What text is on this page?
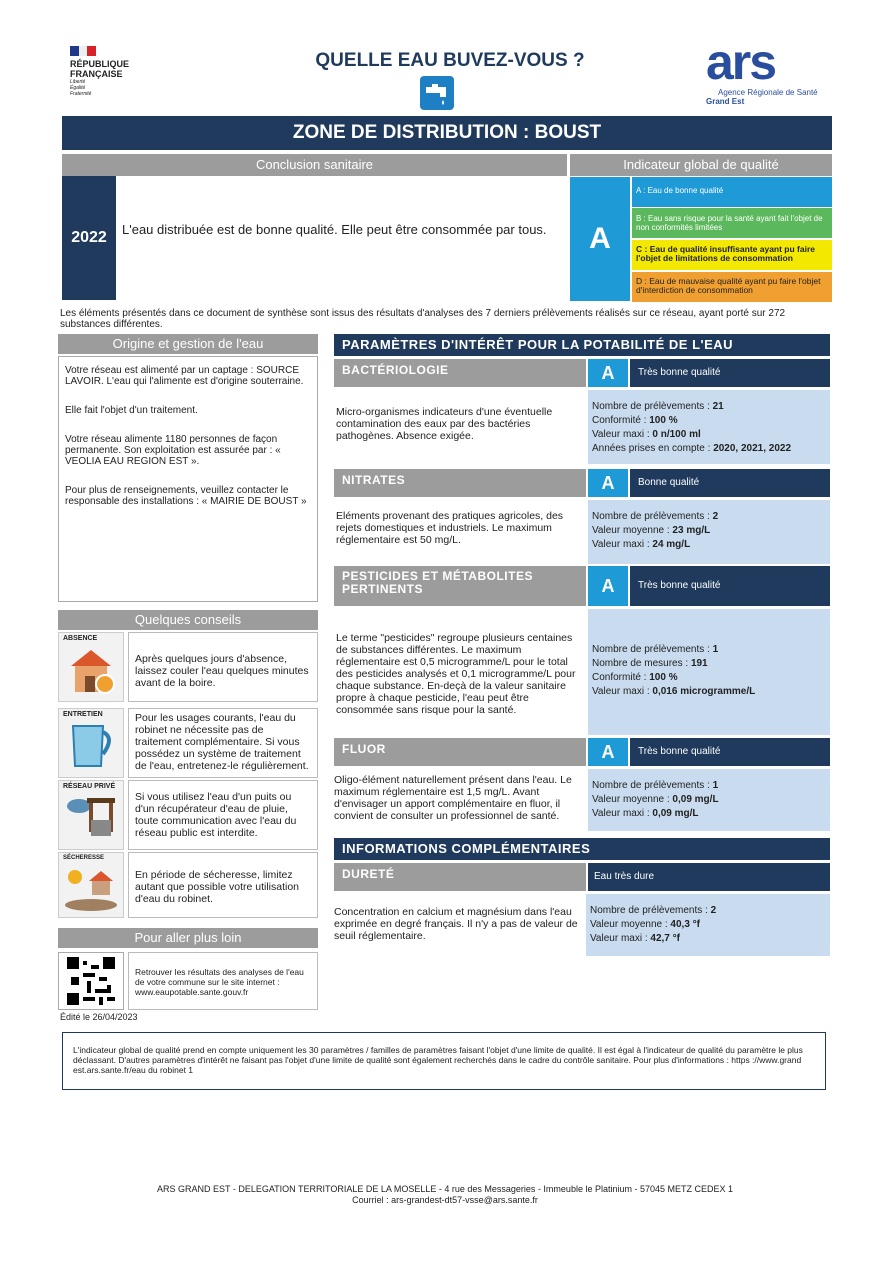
RÉPUBLIQUE
FRANÇAISE
Liberté
Égalité
Fraternité
QUELLE EAU BUVEZ-VOUS ?	ars
Agence Régionale de Santé
Grand Est
ZONE DE DISTRIBUTION : BOUST
Conclusion sanitaire
2022	L'eau distribuée est de bonne qualité. Elle peut être consommée par tous.
Indicateur global de qualité
A
A : Eau de bonne qualité
B : Eau sans risque pour la santé ayant fait l'objet de non conformités limitées
C : Eau de qualité insuffisante ayant pu faire l'objet de limitations de consommation
D : Eau de mauvaise qualité ayant pu faire l'objet d'interdiction de consommation
Les éléments présentés dans ce document de synthèse sont issus des résultats d'analyses des 7 derniers prélèvements réalisés sur ce réseau, ayant porté sur 272 substances différentes.
Origine et gestion de l'eau

Votre réseau est alimenté par un captage : SOURCE LAVOIR. L'eau qui l'alimente est d'origine souterraine.

Elle fait l'objet d'un traitement.

Votre réseau alimente 1180 personnes de façon permanente. Son exploitation est assurée par : « VEOLIA EAU REGION EST ».

Pour plus de renseignements, veuillez contacter le responsable des installations : « MAIRIE DE BOUST »

Quelques conseils
ABSENCE
Après quelques jours d'absence, laissez couler l'eau quelques minutes avant de la boire.
ENTRETIEN	Pour les usages courants, l'eau du robinet ne nécessite pas de traitement complémentaire. Si vous possédez un système de traitement de l'eau, entretenez-le régulièrement.
RÉSEAU PRIVÉ
Si vous utilisez l'eau d'un puits ou d'un récupérateur d'eau de pluie, toute communication avec l'eau du réseau public est interdite.
SÉCHERESSE
En période de sécheresse, limitez autant que possible votre utilisation d'eau du robinet.
Pour aller plus loin
Retrouver les résultats des analyses de l'eau de votre commune sur le site internet : www.eaupotable.sante.gouv.fr
Édité le 26/04/2023
PARAMÈTRES D'INTÉRÊT POUR LA POTABILITÉ DE L'EAU
BACTÉRIOLOGIE	A	Très bonne qualité
Micro-organismes indicateurs d'une éventuelle contamination des eaux par des bactéries pathogènes. Absence exigée.
Nombre de prélèvements : 21
Conformité : 100 %
Valeur maxi : 0 n/100 ml
Années prises en compte : 2020, 2021, 2022
NITRATES	A	Bonne qualité
Eléments provenant des pratiques agricoles, des rejets domestiques et industriels. Le maximum réglementaire est 50 mg/L.
Nombre de prélèvements : 2
Valeur moyenne : 23 mg/L
Valeur maxi : 24 mg/L
PESTICIDES ET MÉTABOLITES
PERTINENTS	A	Très bonne qualité
Le terme "pesticides" regroupe plusieurs centaines de substances différentes. Le maximum réglementaire est 0,5 microgramme/L pour le total des pesticides analysés et 0,1 microgramme/L pour chaque substance. En-deçà de la valeur sanitaire propre à chaque pesticide, l'eau peut être consommée sans risque pour la santé.
Nombre de prélèvements : 1
Nombre de mesures : 191
Conformité : 100 %
Valeur maxi : 0,016 microgramme/L
FLUOR	A	Très bonne qualité
Oligo-élément naturellement présent dans l'eau. Le maximum réglementaire est 1,5 mg/L. Avant d'envisager un apport complémentaire en fluor, il convient de consulter un professionnel de santé.
Nombre de prélèvements : 1
Valeur moyenne : 0,09 mg/L
Valeur maxi : 0,09 mg/L
INFORMATIONS COMPLÉMENTAIRES
DURETÉ	Eau très dure
Concentration en calcium et magnésium dans l'eau exprimée en degré français. Il n'y a pas de valeur de seuil réglementaire.
Nombre de prélèvements : 2
Valeur moyenne : 40,3 °f
Valeur maxi : 42,7 °f
L'indicateur global de qualité prend en compte uniquement les 30 paramètres / familles de paramètres faisant l'objet d'une limite de qualité. Il est égal à l'indicateur de qualité du paramètre le plus déclassant. D'autres paramètres d'intérêt ne faisant pas l'objet d'une limite de qualité sont également recherchés dans le cadre du contrôle sanitaire. Pour plus d'informations : https ://www.grand est.ars.sante.fr/eau du robinet 1
ARS GRAND EST - DELEGATION TERRITORIALE DE LA MOSELLE - 4 rue des Messageries - Immeuble le Platinium - 57045 METZ CEDEX 1
Courriel : ars-grandest-dt57-vsse@ars.sante.fr
